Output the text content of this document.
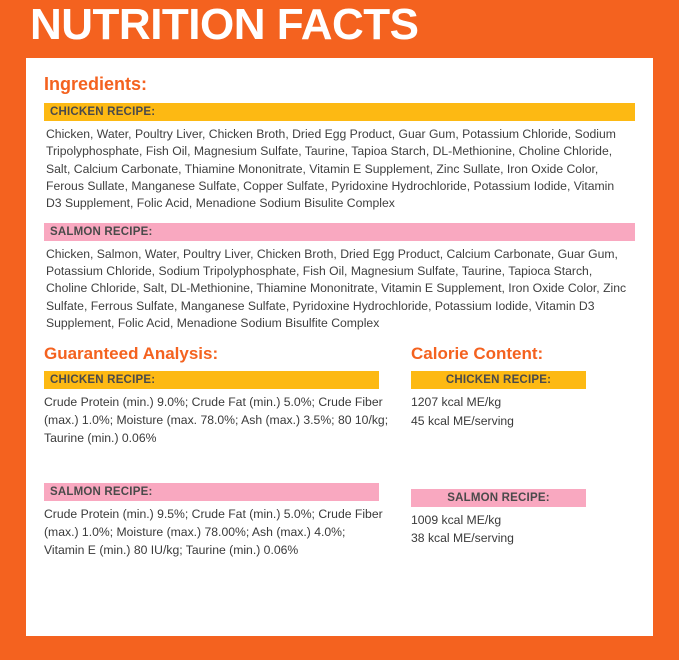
NUTRITION FACTS
Ingredients:
CHICKEN RECIPE:
Chicken, Water, Poultry Liver, Chicken Broth, Dried Egg Product, Guar Gum, Potassium Chloride, Sodium Tripolyphosphate, Fish Oil, Magnesium Sulfate, Taurine, Tapioa Starch, DL-Methionine, Choline Chloride, Salt, Calcium Carbonate, Thiamine Mononitrate, Vitamin E Supplement, Zinc Sullate, Iron Oxide Color, Ferous Sullate, Manganese Sulfate, Copper Sulfate, Pyridoxine Hydrochloride, Potassium Iodide, Vitamin D3 Supplement, Folic Acid, Menadione Sodium Bisulite Complex
SALMON RECIPE:
Chicken, Salmon, Water, Poultry Liver, Chicken Broth, Dried Egg Product, Calcium Carbonate, Guar Gum, Potassium Chloride, Sodium Tripolyphosphate, Fish Oil, Magnesium Sulfate, Taurine, Tapioca Starch, Choline Chloride, Salt, DL-Methionine, Thiamine Mononitrate, Vitamin E Supplement, Iron Oxide Color, Zinc Sulfate, Ferrous Sulfate, Manganese Sulfate, Pyridoxine Hydrochloride, Potassium Iodide, Vitamin D3 Supplement, Folic Acid, Menadione Sodium Bisulfite Complex
Guaranteed Analysis:
CHICKEN RECIPE:
Crude Protein (min.) 9.0%; Crude Fat (min.) 5.0%; Crude Fiber (max.) 1.0%; Moisture (max. 78.0%; Ash (max.) 3.5%; 80 10/kg; Taurine (min.) 0.06%
SALMON RECIPE:
Crude Protein (min.) 9.5%; Crude Fat (min.) 5.0%; Crude Fiber (max.) 1.0%; Moisture (max.) 78.00%; Ash (max.) 4.0%; Vitamin E (min.) 80 IU/kg; Taurine (min.) 0.06%
Calorie Content:
CHICKEN RECIPE:
1207 kcal ME/kg
45 kcal ME/serving
SALMON RECIPE:
1009 kcal ME/kg
38 kcal ME/serving
